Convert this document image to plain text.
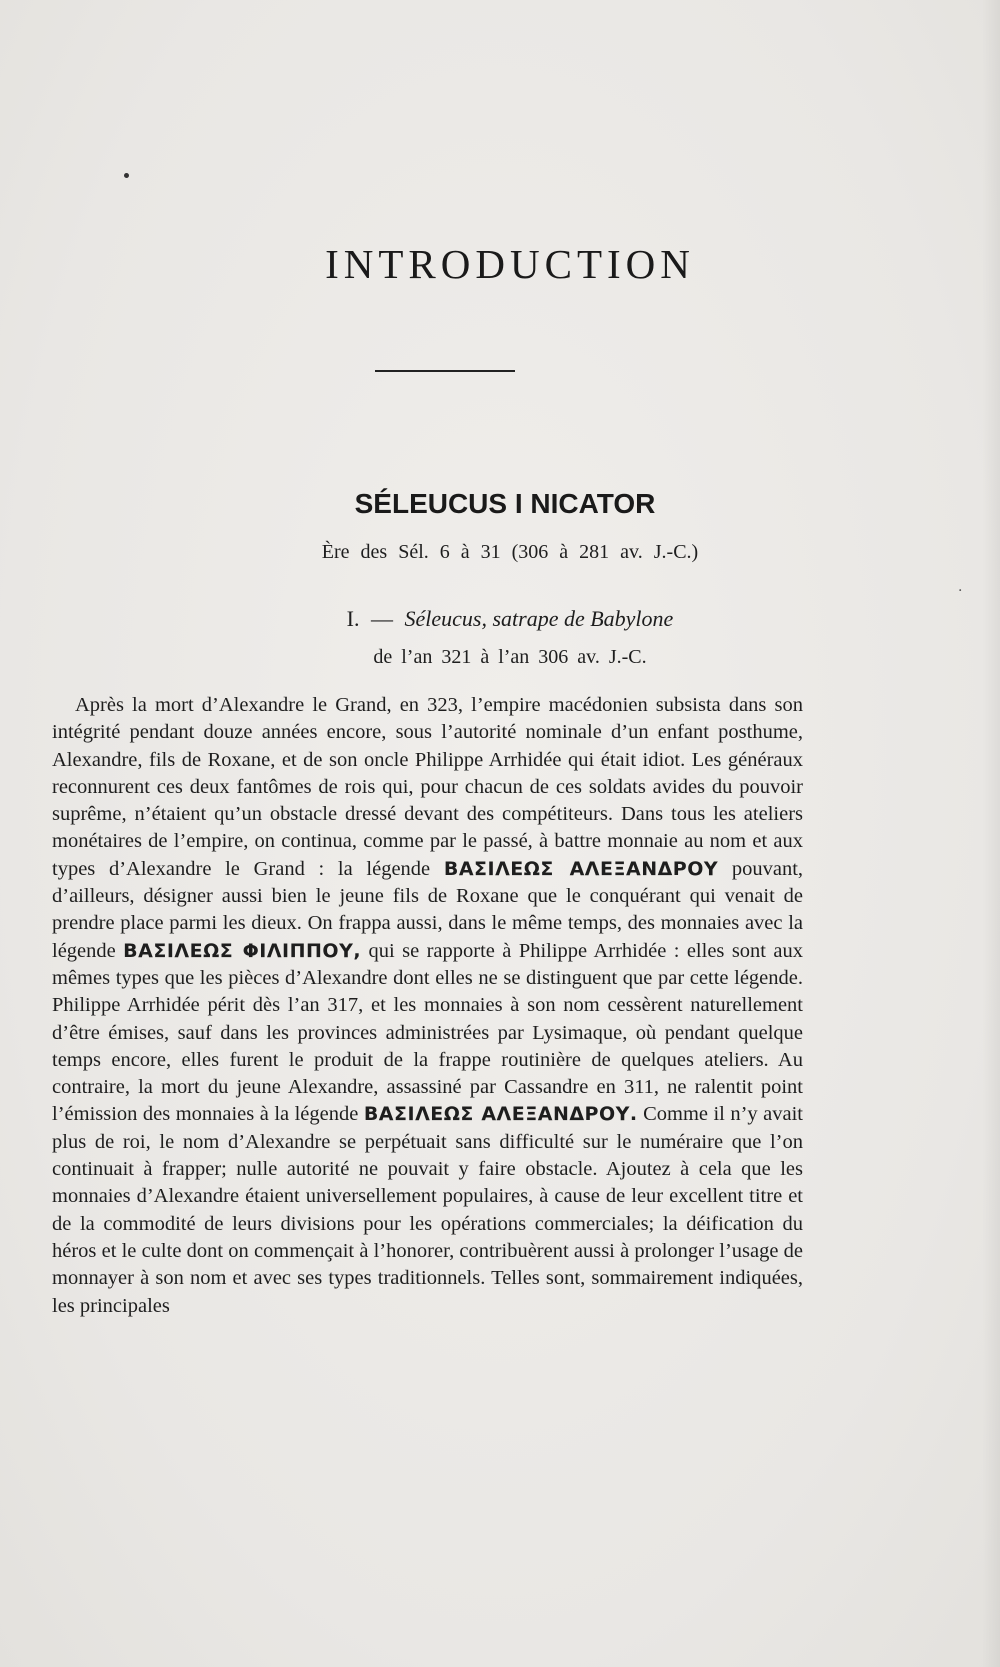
INTRODUCTION
SÉLEUCUS I NICATOR
Ère des Sél. 6 à 31 (306 à 281 av. J.-C.)
I. — Séleucus, satrape de Babylone
de l’an 321 à l’an 306 av. J.-C.

Après la mort d’Alexandre le Grand, en 323, l’empire macédonien subsista dans son intégrité pendant douze années encore, sous l’autorité nominale d’un enfant posthume, Alexandre, fils de Roxane, et de son oncle Philippe Arrhidée qui était idiot. Les généraux reconnurent ces deux fantômes de rois qui, pour chacun de ces soldats avides du pouvoir suprême, n’étaient qu’un obstacle dressé devant des compétiteurs. Dans tous les ateliers monétaires de l’empire, on continua, comme par le passé, à battre monnaie au nom et aux types d’Alexandre le Grand : la légende ΒΑΣΙΛΕΩΣ ΑΛΕΞΑΝΔΡΟΥ pouvant, d’ailleurs, désigner aussi bien le jeune fils de Roxane que le conquérant qui venait de prendre place parmi les dieux. On frappa aussi, dans le même temps, des monnaies avec la légende ΒΑΣΙΛΕΩΣ ΦΙΛΙΠΠΟΥ, qui se rapporte à Philippe Arrhidée : elles sont aux mêmes types que les pièces d’Alexandre dont elles ne se distinguent que par cette légende. Philippe Arrhidée périt dès l’an 317, et les monnaies à son nom cessèrent naturellement d’être émises, sauf dans les provinces administrées par Lysimaque, où pendant quelque temps encore, elles furent le produit de la frappe routinière de quelques ateliers. Au contraire, la mort du jeune Alexandre, assassiné par Cassandre en 311, ne ralentit point l’émission des monnaies à la légende ΒΑΣΙΛΕΩΣ ΑΛΕΞΑΝΔΡΟΥ. Comme il n’y avait plus de roi, le nom d’Alexandre se perpétuait sans difficulté sur le numéraire que l’on continuait à frapper; nulle autorité ne pouvait y faire obstacle. Ajoutez à cela que les monnaies d’Alexandre étaient universellement populaires, à cause de leur excellent titre et de la commodité de leurs divisions pour les opérations commerciales; la déification du héros et le culte dont on commençait à l’honorer, contribuèrent aussi à prolonger l’usage de monnayer à son nom et avec ses types traditionnels. Telles sont, sommairement indiquées, les principales

·
